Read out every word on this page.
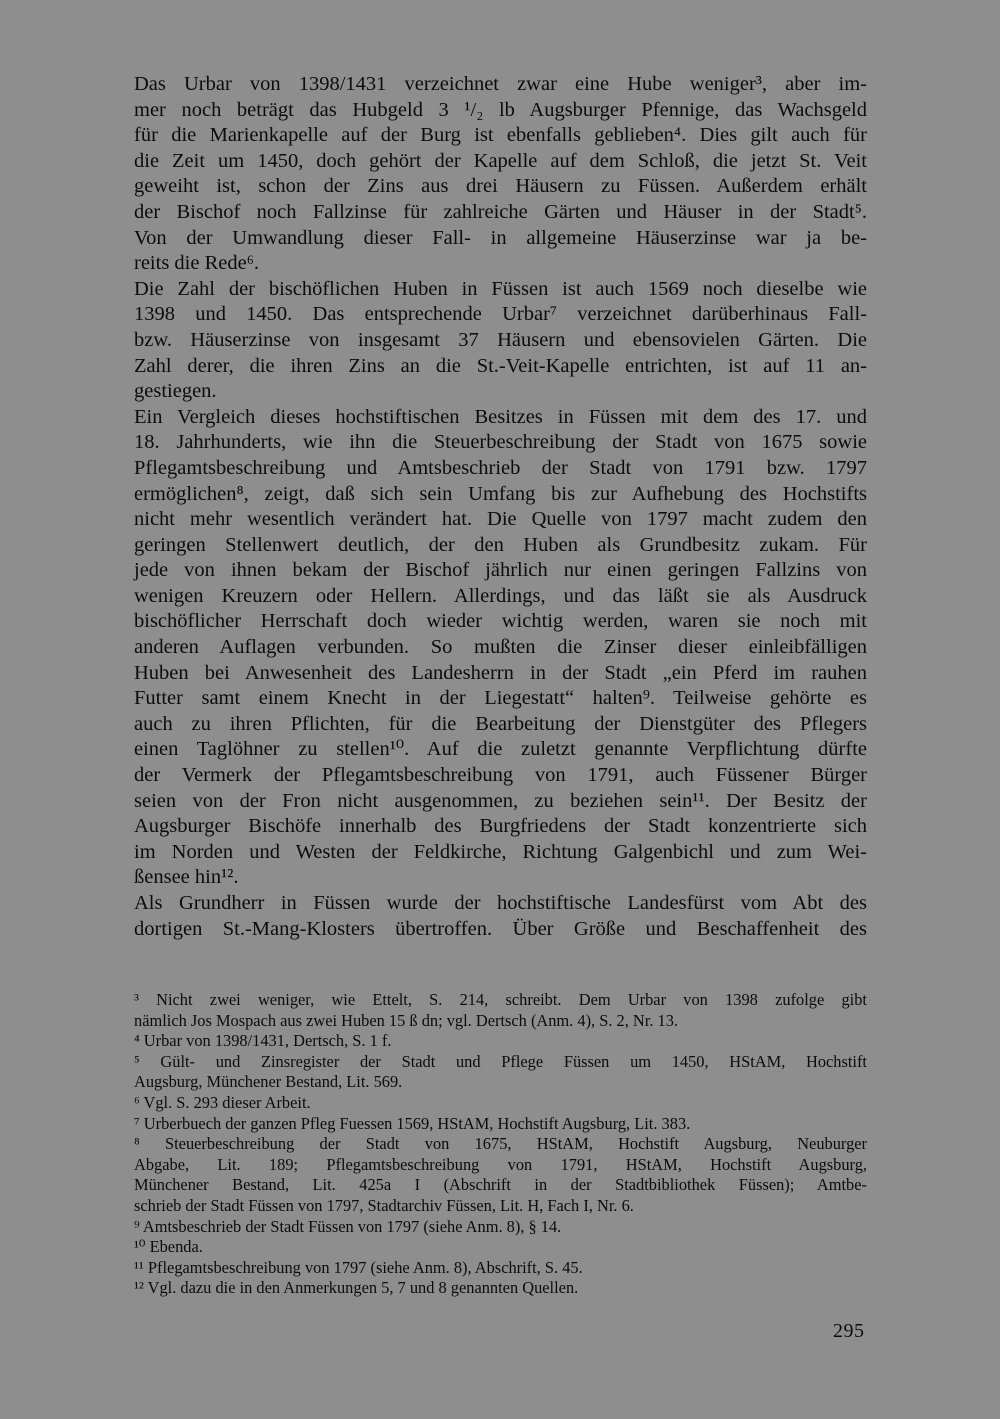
Das Urbar von 1398/1431 verzeichnet zwar eine Hube weniger³, aber im-
mer noch beträgt das Hubgeld 3 ¹/₂ lb Augsburger Pfennige, das Wachsgeld
für die Marienkapelle auf der Burg ist ebenfalls geblieben⁴. Dies gilt auch für
die Zeit um 1450, doch gehört der Kapelle auf dem Schloß, die jetzt St. Veit
geweiht ist, schon der Zins aus drei Häusern zu Füssen. Außerdem erhält
der Bischof noch Fallzinse für zahlreiche Gärten und Häuser in der Stadt⁵.
Von der Umwandlung dieser Fall- in allgemeine Häuserzinse war ja be-
reits die Rede⁶.
Die Zahl der bischöflichen Huben in Füssen ist auch 1569 noch dieselbe wie
1398 und 1450. Das entsprechende Urbar⁷ verzeichnet darüberhinaus Fall-
bzw. Häuserzinse von insgesamt 37 Häusern und ebensovielen Gärten. Die
Zahl derer, die ihren Zins an die St.-Veit-Kapelle entrichten, ist auf 11 an-
gestiegen.
Ein Vergleich dieses hochstiftischen Besitzes in Füssen mit dem des 17. und
18. Jahrhunderts, wie ihn die Steuerbeschreibung der Stadt von 1675 sowie
Pflegamtsbeschreibung und Amtsbeschrieb der Stadt von 1791 bzw. 1797
ermöglichen⁸, zeigt, daß sich sein Umfang bis zur Aufhebung des Hochstifts
nicht mehr wesentlich verändert hat. Die Quelle von 1797 macht zudem den
geringen Stellenwert deutlich, der den Huben als Grundbesitz zukam. Für
jede von ihnen bekam der Bischof jährlich nur einen geringen Fallzins von
wenigen Kreuzern oder Hellern. Allerdings, und das läßt sie als Ausdruck
bischöflicher Herrschaft doch wieder wichtig werden, waren sie noch mit
anderen Auflagen verbunden. So mußten die Zinser dieser einleibfälligen
Huben bei Anwesenheit des Landesherrn in der Stadt „ein Pferd im rauhen
Futter samt einem Knecht in der Liegestatt“ halten⁹. Teilweise gehörte es
auch zu ihren Pflichten, für die Bearbeitung der Dienstgüter des Pflegers
einen Taglöhner zu stellen¹⁰. Auf die zuletzt genannte Verpflichtung dürfte
der Vermerk der Pflegamtsbeschreibung von 1791, auch Füssener Bürger
seien von der Fron nicht ausgenommen, zu beziehen sein¹¹. Der Besitz der
Augsburger Bischöfe innerhalb des Burgfriedens der Stadt konzentrierte sich
im Norden und Westen der Feldkirche, Richtung Galgenbichl und zum Wei-
ßensee hin¹².
Als Grundherr in Füssen wurde der hochstiftische Landesfürst vom Abt des
dortigen St.-Mang-Klosters übertroffen. Über Größe und Beschaffenheit des
³ Nicht zwei weniger, wie Ettelt, S. 214, schreibt. Dem Urbar von 1398 zufolge gibt
nämlich Jos Mospach aus zwei Huben 15 ß dn; vgl. Dertsch (Anm. 4), S. 2, Nr. 13.
⁴ Urbar von 1398/1431, Dertsch, S. 1 f.
⁵ Gült- und Zinsregister der Stadt und Pflege Füssen um 1450, HStAM, Hochstift
Augsburg, Münchener Bestand, Lit. 569.
⁶ Vgl. S. 293 dieser Arbeit.
⁷ Urberbuech der ganzen Pfleg Fuessen 1569, HStAM, Hochstift Augsburg, Lit. 383.
⁸ Steuerbeschreibung der Stadt von 1675, HStAM, Hochstift Augsburg, Neuburger
Abgabe, Lit. 189; Pflegamtsbeschreibung von 1791, HStAM, Hochstift Augsburg,
Münchener Bestand, Lit. 425a I (Abschrift in der Stadtbibliothek Füssen); Amtbe-
schrieb der Stadt Füssen von 1797, Stadtarchiv Füssen, Lit. H, Fach I, Nr. 6.
⁹ Amtsbeschrieb der Stadt Füssen von 1797 (siehe Anm. 8), § 14.
¹⁰ Ebenda.
¹¹ Pflegamtsbeschreibung von 1797 (siehe Anm. 8), Abschrift, S. 45.
¹² Vgl. dazu die in den Anmerkungen 5, 7 und 8 genannten Quellen.
295
